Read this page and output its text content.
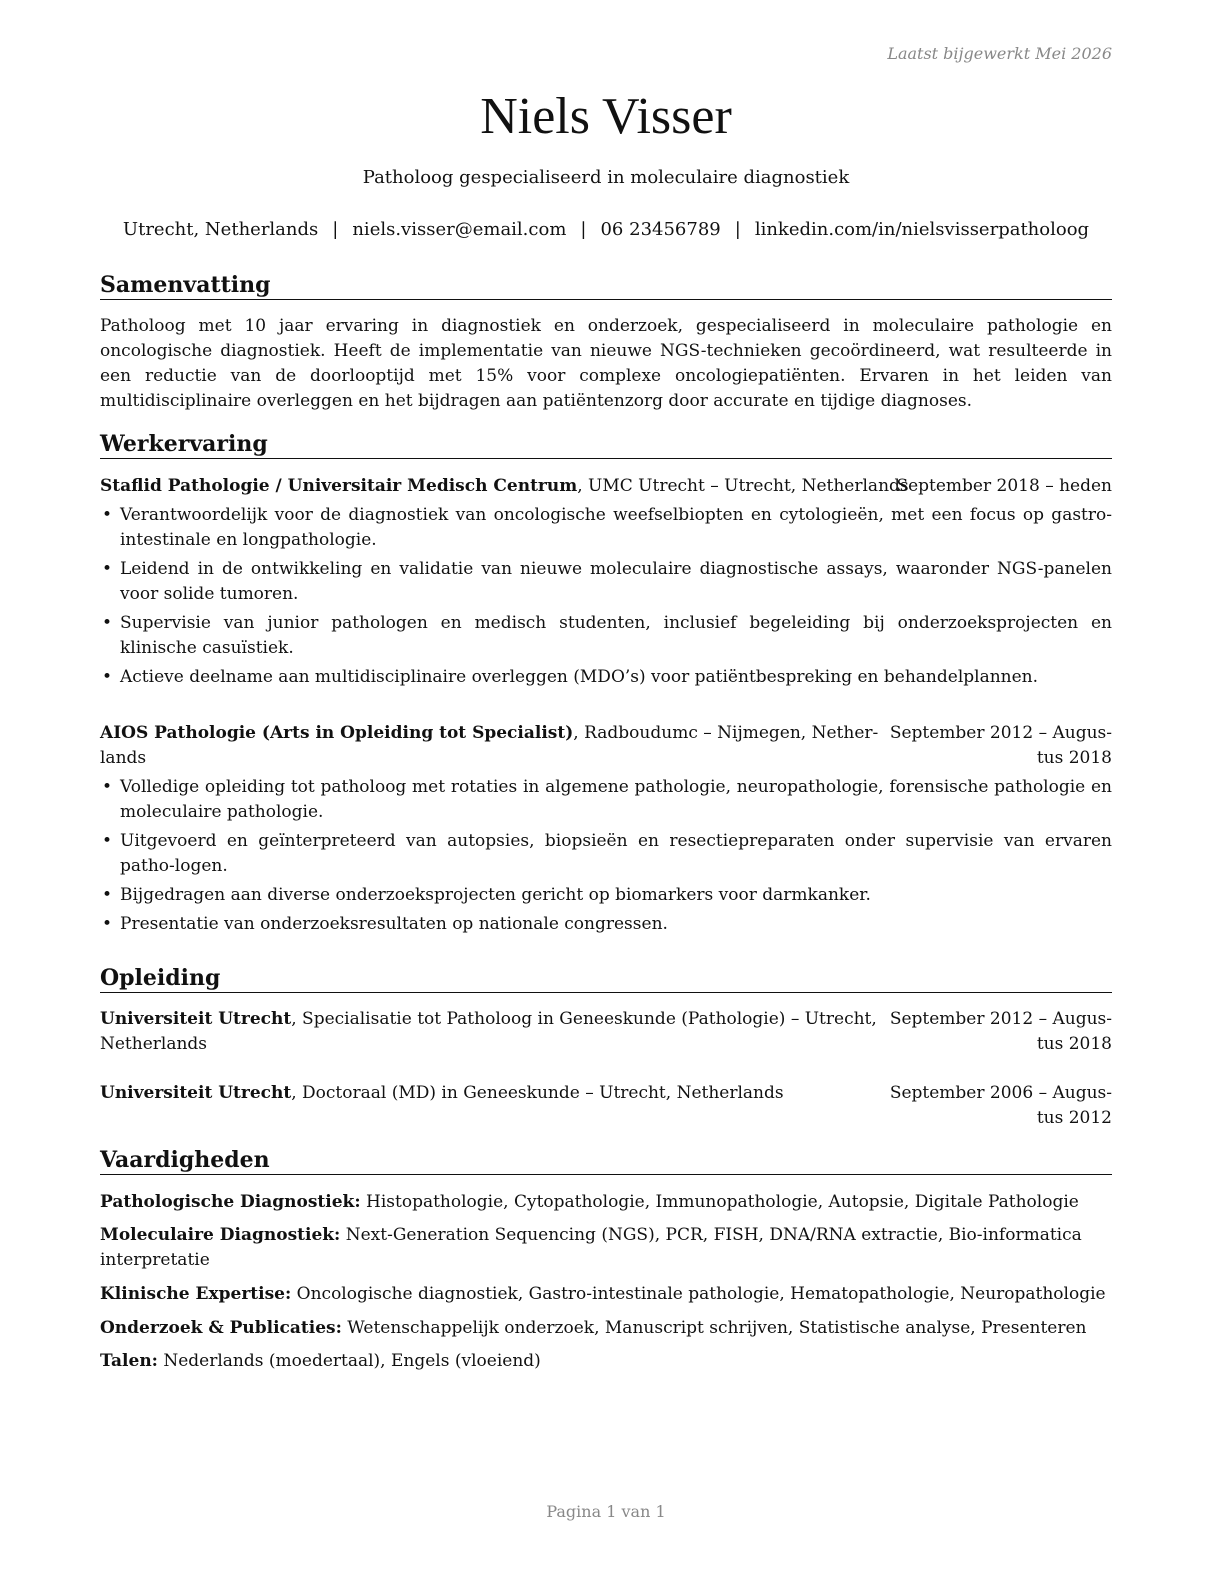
Laatst bijgewerkt Mei 2026
Niels Visser
Patholoog gespecialiseerd in moleculaire diagnostiek
Utrecht, Netherlands | niels.visser@email.com | 06 23456789 | linkedin.com/in/nielsvisserpatholoog
Samenvatting
Patholoog met 10 jaar ervaring in diagnostiek en onderzoek, gespecialiseerd in moleculaire pathologie en oncologische diagnostiek. Heeft de implementatie van nieuwe NGS-technieken gecoördineerd, wat resulteerde in een reductie van de doorlooptijd met 15% voor complexe oncologiepatiënten. Ervaren in het leiden van multidisciplinaire overleggen en het bijdragen aan patiëntenzorg door accurate en tijdige diagnoses.
Werkervaring
Staflid Pathologie / Universitair Medisch Centrum, UMC Utrecht – Utrecht, Netherlands
September 2018 – heden
• Verantwoordelijk voor de diagnostiek van oncologische weefselbiopten en cytologieën, met een focus op gastro-intestinale en longpathologie.
• Leidend in de ontwikkeling en validatie van nieuwe moleculaire diagnostische assays, waaronder NGS-panelen voor solide tumoren.
• Supervisie van junior pathologen en medisch studenten, inclusief begeleiding bij onderzoeksprojecten en klinische casuïstiek.
• Actieve deelname aan multidisciplinaire overleggen (MDO’s) voor patiëntbespreking en behandelplannen.
AIOS Pathologie (Arts in Opleiding tot Specialist), Radboudumc – Nijmegen, Nether-
lands
September 2012 – Augus-
tus 2018
• Volledige opleiding tot patholoog met rotaties in algemene pathologie, neuropathologie, forensische pathologie en moleculaire pathologie.
• Uitgevoerd en geïnterpreteerd van autopsies, biopsieën en resectiepreparaten onder supervisie van ervaren patho-logen.
• Bijgedragen aan diverse onderzoeksprojecten gericht op biomarkers voor darmkanker.
• Presentatie van onderzoeksresultaten op nationale congressen.
Opleiding
Universiteit Utrecht, Specialisatie tot Patholoog in Geneeskunde (Pathologie) – Utrecht,
Netherlands
September 2012 – Augus-
tus 2018
Universiteit Utrecht, Doctoraal (MD) in Geneeskunde – Utrecht, Netherlands	September 2006 – Augus-
tus 2012
Vaardigheden
Pathologische Diagnostiek: Histopathologie, Cytopathologie, Immunopathologie, Autopsie, Digitale Pathologie
Moleculaire Diagnostiek: Next-Generation Sequencing (NGS), PCR, FISH, DNA/RNA extractie, Bio-informatica interpretatie
Klinische Expertise: Oncologische diagnostiek, Gastro-intestinale pathologie, Hematopathologie, Neuropathologie
Onderzoek & Publicaties: Wetenschappelijk onderzoek, Manuscript schrijven, Statistische analyse, Presenteren
Talen: Nederlands (moedertaal), Engels (vloeiend)
Pagina 1 van 1
